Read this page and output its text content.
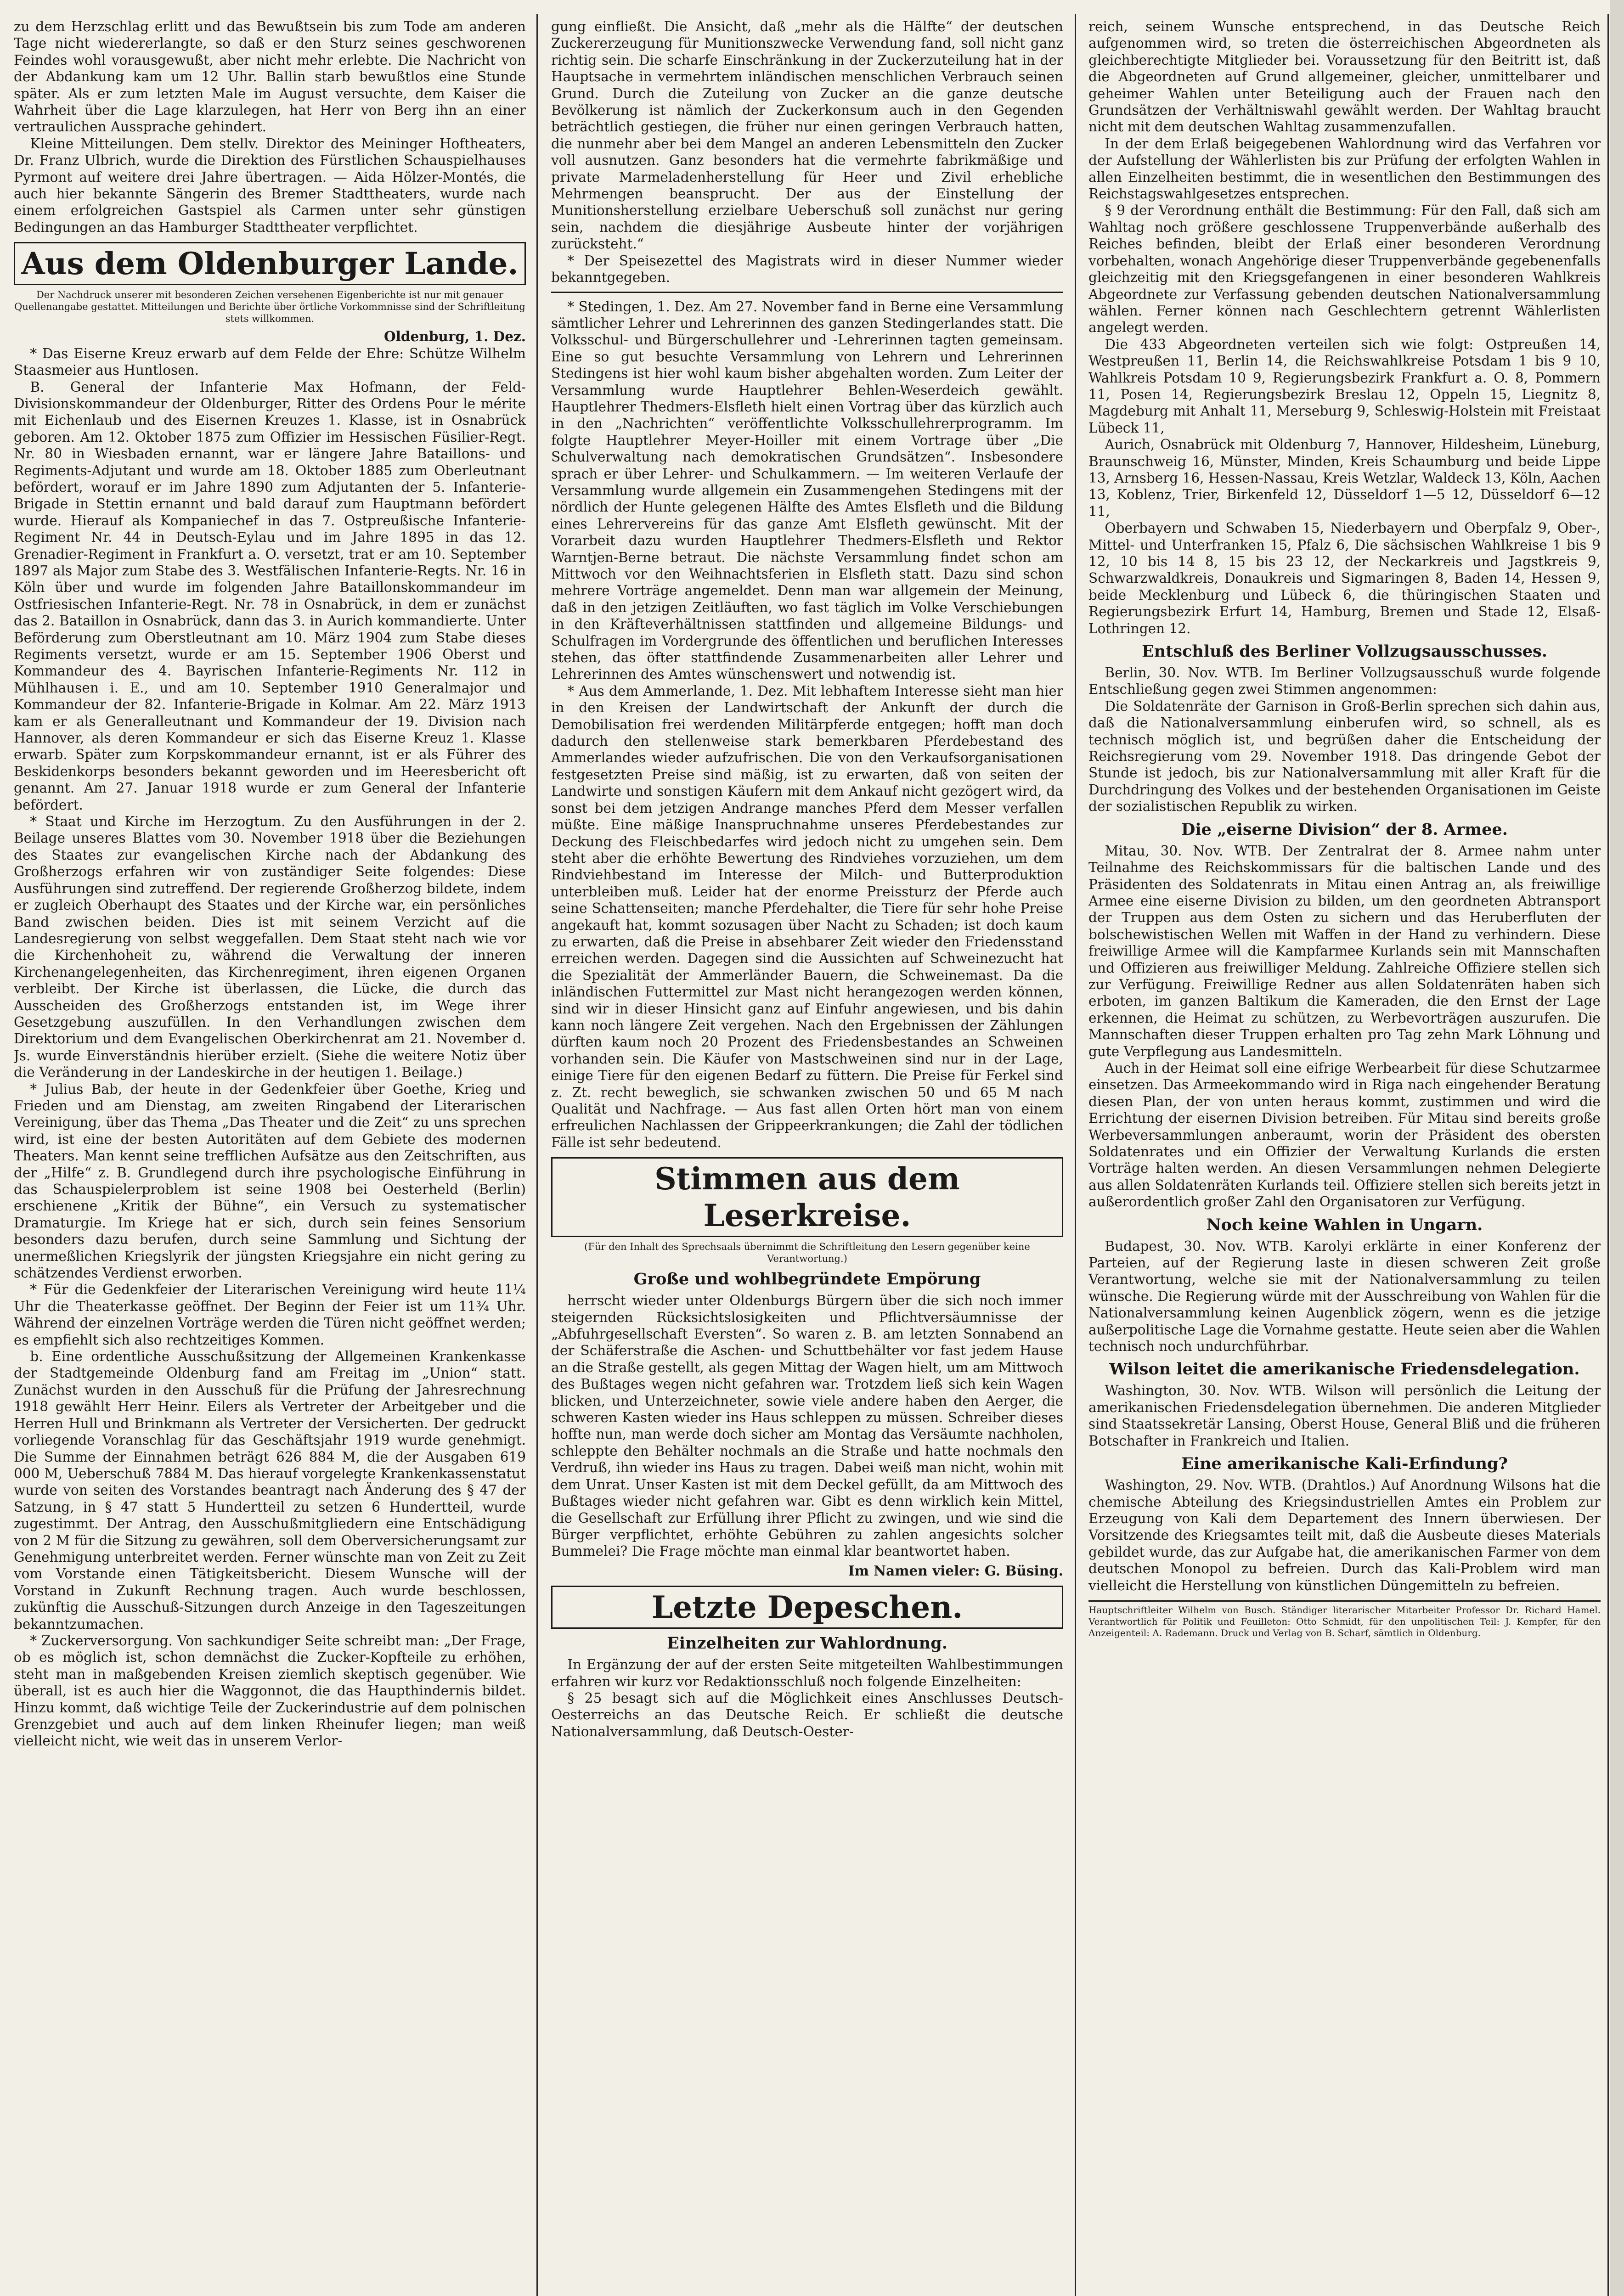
zu dem Herzschlag erlitt und das Bewußtsein bis zum Tode am anderen Tage nicht wiedererlangte, so daß er den Sturz seines geschworenen Feindes wohl vorausgewußt, aber nicht mehr erlebte. Die Nachricht von der Abdankung kam um 12 Uhr. Ballin starb bewußtlos eine Stunde später. Als er zum letzten Male im August versuchte, dem Kaiser die Wahrheit über die Lage klarzulegen, hat Herr von Berg ihn an einer vertraulichen Aussprache gehindert.

Kleine Mitteilungen. Dem stellv. Direktor des Meininger Hoftheaters, Dr. Franz Ulbrich, wurde die Direktion des Fürstlichen Schauspielhauses Pyrmont auf weitere drei Jahre übertragen. — Aida Hölzer-Montés, die auch hier bekannte Sängerin des Bremer Stadttheaters, wurde nach einem erfolgreichen Gastspiel als Carmen unter sehr günstigen Bedingungen an das Hamburger Stadttheater verpflichtet.

Aus dem Oldenburger Lande.
Der Nachdruck unserer mit besonderen Zeichen versehenen Eigenberichte ist nur mit genauer Quellenangabe gestattet. Mitteilungen und Berichte über örtliche Vorkommnisse sind der Schriftleitung stets willkommen.
Oldenburg, 1. Dez.

* Das Eiserne Kreuz erwarb auf dem Felde der Ehre: Schütze Wilhelm Staasmeier aus Huntlosen.

B. General der Infanterie Max Hofmann, der Feld-Divisionskommandeur der Oldenburger, Ritter des Ordens Pour le mérite mit Eichenlaub und des Eisernen Kreuzes 1. Klasse, ist in Osnabrück geboren. Am 12. Oktober 1875 zum Offizier im Hessischen Füsilier-Regt. Nr. 80 in Wiesbaden ernannt, war er längere Jahre Bataillons- und Regiments-Adjutant und wurde am 18. Oktober 1885 zum Oberleutnant befördert, worauf er im Jahre 1890 zum Adjutanten der 5. Infanterie-Brigade in Stettin ernannt und bald darauf zum Hauptmann befördert wurde. Hierauf als Kompaniechef in das 7. Ostpreußische Infanterie-Regiment Nr. 44 in Deutsch-Eylau und im Jahre 1895 in das 12. Grenadier-Regiment in Frankfurt a. O. versetzt, trat er am 10. September 1897 als Major zum Stabe des 3. Westfälischen Infanterie-Regts. Nr. 16 in Köln über und wurde im folgenden Jahre Bataillonskommandeur im Ostfriesischen Infanterie-Regt. Nr. 78 in Osnabrück, in dem er zunächst das 2. Bataillon in Osnabrück, dann das 3. in Aurich kommandierte. Unter Beförderung zum Oberstleutnant am 10. März 1904 zum Stabe dieses Regiments versetzt, wurde er am 15. September 1906 Oberst und Kommandeur des 4. Bayrischen Infanterie-Regiments Nr. 112 in Mühlhausen i. E., und am 10. September 1910 Generalmajor und Kommandeur der 82. Infanterie-Brigade in Kolmar. Am 22. März 1913 kam er als Generalleutnant und Kommandeur der 19. Division nach Hannover, als deren Kommandeur er sich das Eiserne Kreuz 1. Klasse erwarb. Später zum Korpskommandeur ernannt, ist er als Führer des Beskidenkorps besonders bekannt geworden und im Heeresbericht oft genannt. Am 27. Januar 1918 wurde er zum General der Infanterie befördert.

* Staat und Kirche im Herzogtum. Zu den Ausführungen in der 2. Beilage unseres Blattes vom 30. November 1918 über die Beziehungen des Staates zur evangelischen Kirche nach der Abdankung des Großherzogs erfahren wir von zuständiger Seite folgendes: Diese Ausführungen sind zutreffend. Der regierende Großherzog bildete, indem er zugleich Oberhaupt des Staates und der Kirche war, ein persönliches Band zwischen beiden. Dies ist mit seinem Verzicht auf die Landesregierung von selbst weggefallen. Dem Staat steht nach wie vor die Kirchenhoheit zu, während die Verwaltung der inneren Kirchenangelegenheiten, das Kirchenregiment, ihren eigenen Organen verbleibt. Der Kirche ist überlassen, die Lücke, die durch das Ausscheiden des Großherzogs entstanden ist, im Wege ihrer Gesetzgebung auszufüllen. In den Verhandlungen zwischen dem Direktorium und dem Evangelischen Oberkirchenrat am 21. November d. Js. wurde Einverständnis hierüber erzielt. (Siehe die weitere Notiz über die Veränderung in der Landeskirche in der heutigen 1. Beilage.)

* Julius Bab, der heute in der Gedenkfeier über Goethe, Krieg und Frieden und am Dienstag, am zweiten Ringabend der Literarischen Vereinigung, über das Thema „Das Theater und die Zeit“ zu uns sprechen wird, ist eine der besten Autoritäten auf dem Gebiete des modernen Theaters. Man kennt seine trefflichen Aufsätze aus den Zeitschriften, aus der „Hilfe“ z. B. Grundlegend durch ihre psychologische Einführung in das Schauspielerproblem ist seine 1908 bei Oesterheld (Berlin) erschienene „Kritik der Bühne“, ein Versuch zu systematischer Dramaturgie. Im Kriege hat er sich, durch sein feines Sensorium besonders dazu berufen, durch seine Sammlung und Sichtung der unermeßlichen Kriegslyrik der jüngsten Kriegsjahre ein nicht gering zu schätzendes Verdienst erworben.

* Für die Gedenkfeier der Literarischen Vereinigung wird heute 11¼ Uhr die Theaterkasse geöffnet. Der Beginn der Feier ist um 11¾ Uhr. Während der einzelnen Vorträge werden die Türen nicht geöffnet werden; es empfiehlt sich also rechtzeitiges Kommen.

b. Eine ordentliche Ausschußsitzung der Allgemeinen Krankenkasse der Stadtgemeinde Oldenburg fand am Freitag im „Union“ statt. Zunächst wurden in den Ausschuß für die Prüfung der Jahresrechnung 1918 gewählt Herr Heinr. Eilers als Vertreter der Arbeitgeber und die Herren Hull und Brinkmann als Vertreter der Versicherten. Der gedruckt vorliegende Voranschlag für das Geschäftsjahr 1919 wurde genehmigt. Die Summe der Einnahmen beträgt 626 884 M, die der Ausgaben 619 000 M, Ueberschuß 7884 M. Das hierauf vorgelegte Krankenkassenstatut wurde von seiten des Vorstandes beantragt nach Änderung des § 47 der Satzung, in § 47 statt 5 Hundertteil zu setzen 6 Hundertteil, wurde zugestimmt. Der Antrag, den Ausschußmitgliedern eine Entschädigung von 2 M für die Sitzung zu gewähren, soll dem Oberversicherungsamt zur Genehmigung unterbreitet werden. Ferner wünschte man von Zeit zu Zeit vom Vorstande einen Tätigkeitsbericht. Diesem Wunsche will der Vorstand in Zukunft Rechnung tragen. Auch wurde beschlossen, zukünftig die Ausschuß-Sitzungen durch Anzeige in den Tageszeitungen bekanntzumachen.

* Zuckerversorgung. Von sachkundiger Seite schreibt man: „Der Frage, ob es möglich ist, schon demnächst die Zucker-Kopfteile zu erhöhen, steht man in maßgebenden Kreisen ziemlich skeptisch gegenüber. Wie überall, ist es auch hier die Waggonnot, die das Haupthindernis bildet. Hinzu kommt, daß wichtige Teile der Zuckerindustrie auf dem polnischen Grenzgebiet und auch auf dem linken Rheinufer liegen; man weiß vielleicht nicht, wie weit das in unserem Verlor-

gung einfließt. Die Ansicht, daß „mehr als die Hälfte“ der deutschen Zuckererzeugung für Munitionszwecke Verwendung fand, soll nicht ganz richtig sein. Die scharfe Einschränkung in der Zuckerzuteilung hat in der Hauptsache in vermehrtem inländischen menschlichen Verbrauch seinen Grund. Durch die Zuteilung von Zucker an die ganze deutsche Bevölkerung ist nämlich der Zuckerkonsum auch in den Gegenden beträchtlich gestiegen, die früher nur einen geringen Verbrauch hatten, die nunmehr aber bei dem Mangel an anderen Lebensmitteln den Zucker voll ausnutzen. Ganz besonders hat die vermehrte fabrikmäßige und private Marmeladenherstellung für Heer und Zivil erhebliche Mehrmengen beansprucht. Der aus der Einstellung der Munitionsherstellung erzielbare Ueberschuß soll zunächst nur gering sein, nachdem die diesjährige Ausbeute hinter der vorjährigen zurücksteht.“

* Der Speisezettel des Magistrats wird in dieser Nummer wieder bekanntgegeben.

* Stedingen, 1. Dez. Am 27. November fand in Berne eine Versammlung sämtlicher Lehrer und Lehrerinnen des ganzen Stedingerlandes statt. Die Volksschul- und Bürgerschullehrer und -Lehrerinnen tagten gemeinsam. Eine so gut besuchte Versammlung von Lehrern und Lehrerinnen Stedingens ist hier wohl kaum bisher abgehalten worden. Zum Leiter der Versammlung wurde Hauptlehrer Behlen-Weserdeich gewählt. Hauptlehrer Thedmers-Elsfleth hielt einen Vortrag über das kürzlich auch in den „Nachrichten“ veröffentlichte Volksschullehrerprogramm. Im folgte Hauptlehrer Meyer-Hoiller mit einem Vortrage über „Die Schulverwaltung nach demokratischen Grundsätzen“. Insbesondere sprach er über Lehrer- und Schulkammern. — Im weiteren Verlaufe der Versammlung wurde allgemein ein Zusammengehen Stedingens mit der nördlich der Hunte gelegenen Hälfte des Amtes Elsfleth und die Bildung eines Lehrervereins für das ganze Amt Elsfleth gewünscht. Mit der Vorarbeit dazu wurden Hauptlehrer Thedmers-Elsfleth und Rektor Warntjen-Berne betraut. Die nächste Versammlung findet schon am Mittwoch vor den Weihnachtsferien in Elsfleth statt. Dazu sind schon mehrere Vorträge angemeldet. Denn man war allgemein der Meinung, daß in den jetzigen Zeitläuften, wo fast täglich im Volke Verschiebungen in den Kräfteverhältnissen stattfinden und allgemeine Bildungs- und Schulfragen im Vordergrunde des öffentlichen und beruflichen Interesses stehen, das öfter stattfindende Zusammenarbeiten aller Lehrer und Lehrerinnen des Amtes wünschenswert und notwendig ist.

* Aus dem Ammerlande, 1. Dez. Mit lebhaftem Interesse sieht man hier in den Kreisen der Landwirtschaft der Ankunft der durch die Demobilisation frei werdenden Militärpferde entgegen; hofft man doch dadurch den stellenweise stark bemerkbaren Pferdebestand des Ammerlandes wieder aufzufrischen. Die von den Verkaufsorganisationen festgesetzten Preise sind mäßig, ist zu erwarten, daß von seiten der Landwirte und sonstigen Käufern mit dem Ankauf nicht gezögert wird, da sonst bei dem jetzigen Andrange manches Pferd dem Messer verfallen müßte. Eine mäßige Inanspruchnahme unseres Pferdebestandes zur Deckung des Fleischbedarfes wird jedoch nicht zu umgehen sein. Dem steht aber die erhöhte Bewertung des Rindviehes vorzuziehen, um dem Rindviehbestand im Interesse der Milch- und Butterproduktion unterbleiben muß. Leider hat der enorme Preissturz der Pferde auch seine Schattenseiten; manche Pferdehalter, die Tiere für sehr hohe Preise angekauft hat, kommt sozusagen über Nacht zu Schaden; ist doch kaum zu erwarten, daß die Preise in absehbarer Zeit wieder den Friedensstand erreichen werden. Dagegen sind die Aussichten auf Schweinezucht hat die Spezialität der Ammerländer Bauern, die Schweinemast. Da die inländischen Futtermittel zur Mast nicht herangezogen werden können, sind wir in dieser Hinsicht ganz auf Einfuhr angewiesen, und bis dahin kann noch längere Zeit vergehen. Nach den Ergebnissen der Zählungen dürften kaum noch 20 Prozent des Friedensbestandes an Schweinen vorhanden sein. Die Käufer von Mastschweinen sind nur in der Lage, einige Tiere für den eigenen Bedarf zu füttern. Die Preise für Ferkel sind z. Zt. recht beweglich, sie schwanken zwischen 50 und 65 M nach Qualität und Nachfrage. — Aus fast allen Orten hört man von einem erfreulichen Nachlassen der Grippeerkrankungen; die Zahl der tödlichen Fälle ist sehr bedeutend.

Stimmen aus dem Leserkreise.
(Für den Inhalt des Sprechsaals übernimmt die Schriftleitung den Lesern gegenüber keine Verantwortung.)
Große und wohlbegründete Empörung

herrscht wieder unter Oldenburgs Bürgern über die sich noch immer steigernden Rücksichtslosigkeiten und Pflichtversäumnisse der „Abfuhrgesellschaft Eversten“. So waren z. B. am letzten Sonnabend an der Schäferstraße die Aschen- und Schuttbehälter vor fast jedem Hause an die Straße gestellt, als gegen Mittag der Wagen hielt, um am Mittwoch des Bußtages wegen nicht gefahren war. Trotzdem ließ sich kein Wagen blicken, und Unterzeichneter, sowie viele andere haben den Aerger, die schweren Kasten wieder ins Haus schleppen zu müssen. Schreiber dieses hoffte nun, man werde doch sicher am Montag das Versäumte nachholen, schleppte den Behälter nochmals an die Straße und hatte nochmals den Verdruß, ihn wieder ins Haus zu tragen. Dabei weiß man nicht, wohin mit dem Unrat. Unser Kasten ist mit dem Deckel gefüllt, da am Mittwoch des Bußtages wieder nicht gefahren war. Gibt es denn wirklich kein Mittel, die Gesellschaft zur Erfüllung ihrer Pflicht zu zwingen, und wie sind die Bürger verpflichtet, erhöhte Gebühren zu zahlen angesichts solcher Bummelei? Die Frage möchte man einmal klar beantwortet haben.

Im Namen vieler: G. Büsing.
Letzte Depeschen.
Einzelheiten zur Wahlordnung.

In Ergänzung der auf der ersten Seite mitgeteilten Wahlbestimmungen erfahren wir kurz vor Redaktionsschluß noch folgende Einzelheiten:

§ 25 besagt sich auf die Möglichkeit eines Anschlusses Deutsch-Oesterreichs an das Deutsche Reich. Er schließt die deutsche Nationalversammlung, daß Deutsch-Oester-

reich, seinem Wunsche entsprechend, in das Deutsche Reich aufgenommen wird, so treten die österreichischen Abgeordneten als gleichberechtigte Mitglieder bei. Voraussetzung für den Beitritt ist, daß die Abgeordneten auf Grund allgemeiner, gleicher, unmittelbarer und geheimer Wahlen unter Beteiligung auch der Frauen nach den Grundsätzen der Verhältniswahl gewählt werden. Der Wahltag braucht nicht mit dem deutschen Wahltag zusammenzufallen.

In der dem Erlaß beigegebenen Wahlordnung wird das Verfahren vor der Aufstellung der Wählerlisten bis zur Prüfung der erfolgten Wahlen in allen Einzelheiten bestimmt, die in wesentlichen den Bestimmungen des Reichstagswahlgesetzes entsprechen.

§ 9 der Verordnung enthält die Bestimmung: Für den Fall, daß sich am Wahltag noch größere geschlossene Truppenverbände außerhalb des Reiches befinden, bleibt der Erlaß einer besonderen Verordnung vorbehalten, wonach Angehörige dieser Truppenverbände gegebenenfalls gleichzeitig mit den Kriegsgefangenen in einer besonderen Wahlkreis Abgeordnete zur Verfassung gebenden deutschen Nationalversammlung wählen. Ferner können nach Geschlechtern getrennt Wählerlisten angelegt werden.

Die 433 Abgeordneten verteilen sich wie folgt: Ostpreußen 14, Westpreußen 11, Berlin 14, die Reichswahlkreise Potsdam 1 bis 9 10, Wahlkreis Potsdam 10 9, Regierungsbezirk Frankfurt a. O. 8, Pommern 11, Posen 14, Regierungsbezirk Breslau 12, Oppeln 15, Liegnitz 8, Magdeburg mit Anhalt 11, Merseburg 9, Schleswig-Holstein mit Freistaat Lübeck 11,

Aurich, Osnabrück mit Oldenburg 7, Hannover, Hildesheim, Lüneburg, Braunschweig 16, Münster, Minden, Kreis Schaumburg und beide Lippe 13, Arnsberg 16, Hessen-Nassau, Kreis Wetzlar, Waldeck 13, Köln, Aachen 13, Koblenz, Trier, Birkenfeld 12, Düsseldorf 1—5 12, Düsseldorf 6—12 11,

Oberbayern und Schwaben 15, Niederbayern und Oberpfalz 9, Ober-, Mittel- und Unterfranken 15, Pfalz 6, Die sächsischen Wahlkreise 1 bis 9 12, 10 bis 14 8, 15 bis 23 12, der Neckarkreis und Jagstkreis 9, Schwarzwaldkreis, Donaukreis und Sigmaringen 8, Baden 14, Hessen 9, beide Mecklenburg und Lübeck 6, die thüringischen Staaten und Regierungsbezirk Erfurt 14, Hamburg, Bremen und Stade 12, Elsaß-Lothringen 12.

Entschluß des Berliner Vollzugsausschusses.

Berlin, 30. Nov. WTB. Im Berliner Vollzugsausschuß wurde folgende Entschließung gegen zwei Stimmen angenommen:

Die Soldatenräte der Garnison in Groß-Berlin sprechen sich dahin aus, daß die Nationalversammlung einberufen wird, so schnell, als es technisch möglich ist, und begrüßen daher die Entscheidung der Reichsregierung vom 29. November 1918. Das dringende Gebot der Stunde ist jedoch, bis zur Nationalversammlung mit aller Kraft für die Durchdringung des Volkes und der bestehenden Organisationen im Geiste der sozialistischen Republik zu wirken.

Die „eiserne Division“ der 8. Armee.

Mitau, 30. Nov. WTB. Der Zentralrat der 8. Armee nahm unter Teilnahme des Reichskommissars für die baltischen Lande und des Präsidenten des Soldatenrats in Mitau einen Antrag an, als freiwillige Armee eine eiserne Division zu bilden, um den geordneten Abtransport der Truppen aus dem Osten zu sichern und das Heruberfluten der bolschewistischen Wellen mit Waffen in der Hand zu verhindern. Diese freiwillige Armee will die Kampfarmee Kurlands sein mit Mannschaften und Offizieren aus freiwilliger Meldung. Zahlreiche Offiziere stellen sich zur Verfügung. Freiwillige Redner aus allen Soldatenräten haben sich erboten, im ganzen Baltikum die Kameraden, die den Ernst der Lage erkennen, die Heimat zu schützen, zu Werbevorträgen auszurufen. Die Mannschaften dieser Truppen erhalten pro Tag zehn Mark Löhnung und gute Verpflegung aus Landesmitteln.

Auch in der Heimat soll eine eifrige Werbearbeit für diese Schutzarmee einsetzen. Das Armeekommando wird in Riga nach eingehender Beratung diesen Plan, der von unten heraus kommt, zustimmen und wird die Errichtung der eisernen Division betreiben. Für Mitau sind bereits große Werbeversammlungen anberaumt, worin der Präsident des obersten Soldatenrates und ein Offizier der Verwaltung Kurlands die ersten Vorträge halten werden. An diesen Versammlungen nehmen Delegierte aus allen Soldatenräten Kurlands teil. Offiziere stellen sich bereits jetzt in außerordentlich großer Zahl den Organisatoren zur Verfügung.

Noch keine Wahlen in Ungarn.

Budapest, 30. Nov. WTB. Karolyi erklärte in einer Konferenz der Parteien, auf der Regierung laste in diesen schweren Zeit große Verantwortung, welche sie mit der Nationalversammlung zu teilen wünsche. Die Regierung würde mit der Ausschreibung von Wahlen für die Nationalversammlung keinen Augenblick zögern, wenn es die jetzige außerpolitische Lage die Vornahme gestatte. Heute seien aber die Wahlen technisch noch undurchführbar.

Wilson leitet die amerikanische Friedensdelegation.

Washington, 30. Nov. WTB. Wilson will persönlich die Leitung der amerikanischen Friedensdelegation übernehmen. Die anderen Mitglieder sind Staatssekretär Lansing, Oberst House, General Bliß und die früheren Botschafter in Frankreich und Italien.

Eine amerikanische Kali-Erfindung?

Washington, 29. Nov. WTB. (Drahtlos.) Auf Anordnung Wilsons hat die chemische Abteilung des Kriegsindustriellen Amtes ein Problem zur Erzeugung von Kali dem Departement des Innern überwiesen. Der Vorsitzende des Kriegsamtes teilt mit, daß die Ausbeute dieses Materials gebildet wurde, das zur Aufgabe hat, die amerikanischen Farmer von dem deutschen Monopol zu befreien. Durch das Kali-Problem wird man vielleicht die Herstellung von künstlichen Düngemitteln zu befreien.

Hauptschriftleiter Wilhelm von Busch. Ständiger literarischer Mitarbeiter Professor Dr. Richard Hamel. Verantwortlich für Politik und Feuilleton: Otto Schmidt, für den unpolitischen Teil: J. Kempfer, für den Anzeigenteil: A. Rademann. Druck und Verlag von B. Scharf, sämtlich in Oldenburg.
